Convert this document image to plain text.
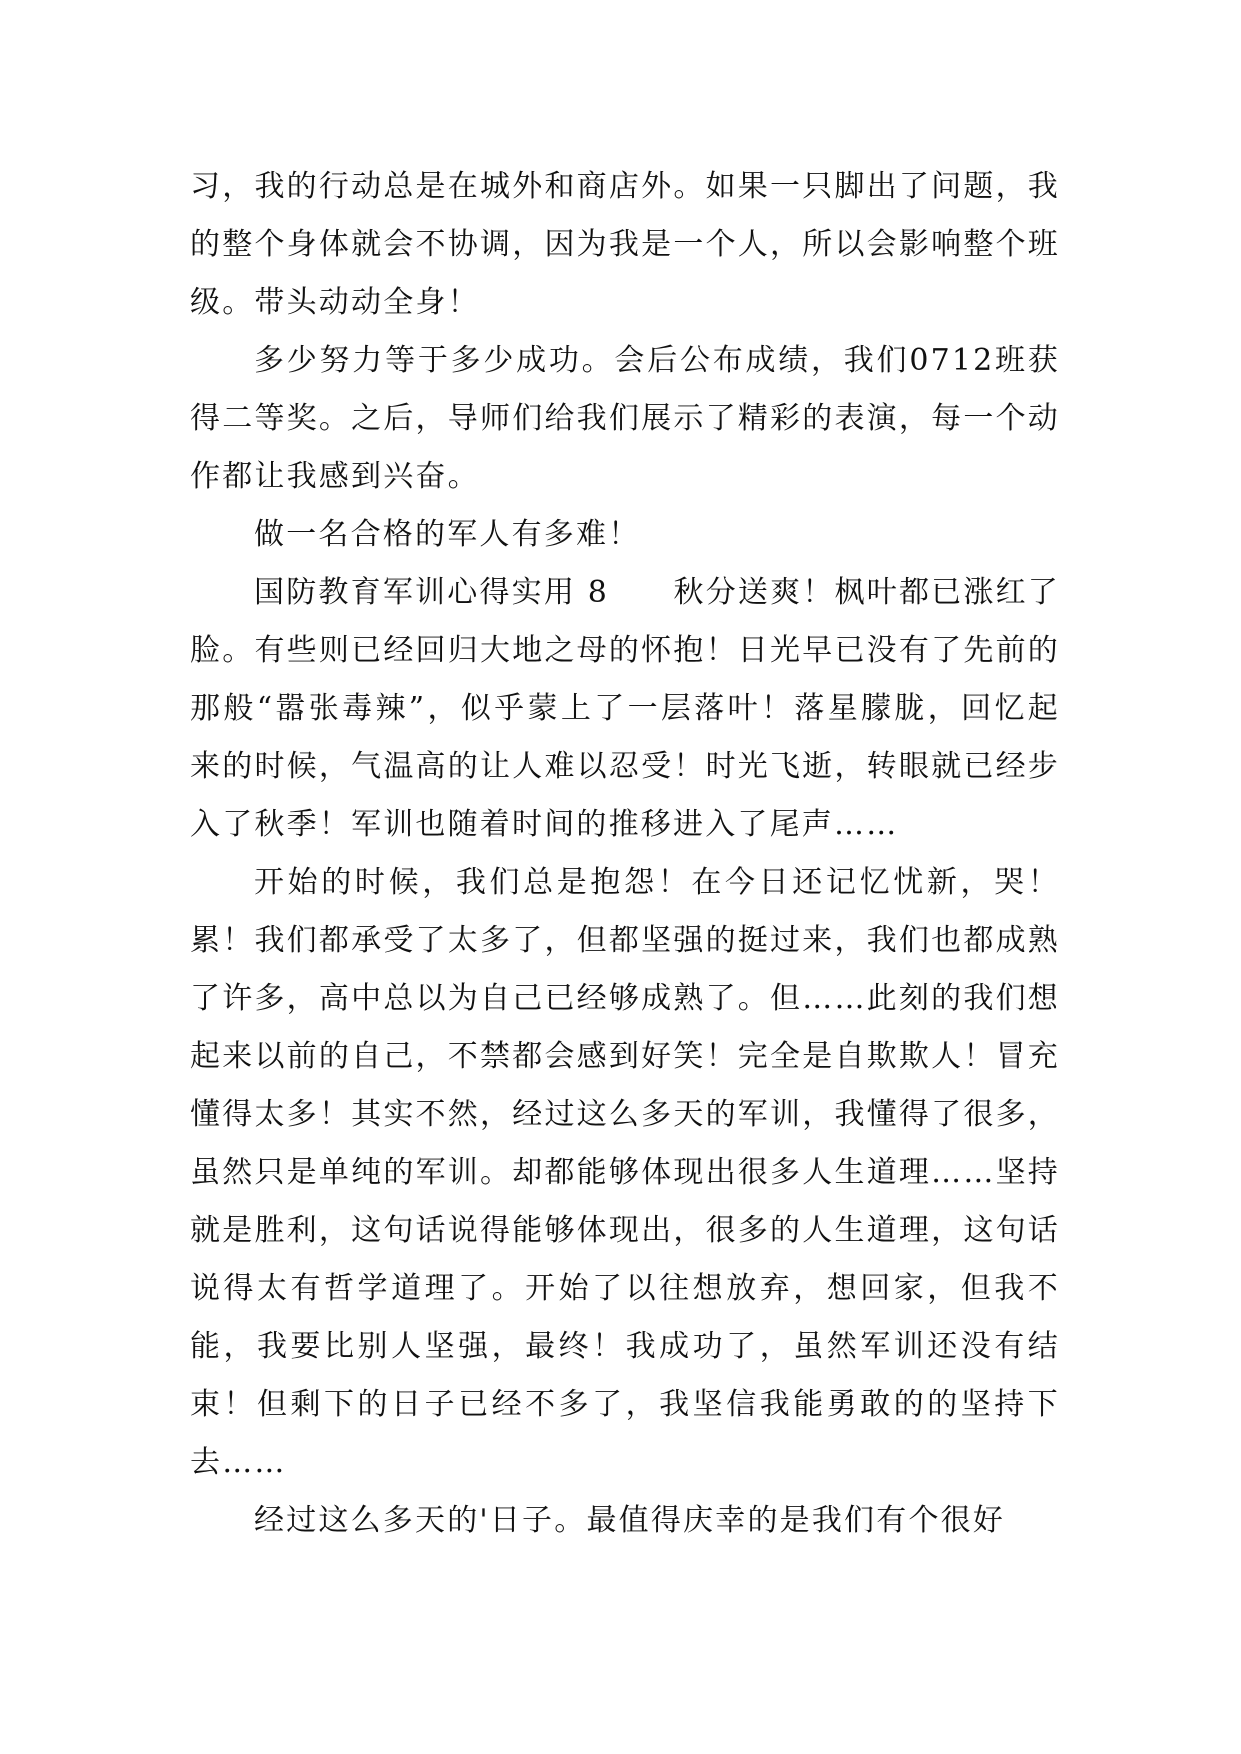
习，我的行动总是在城外和商店外。如果一只脚出了问题，我的整个身体就会不协调，因为我是一个人，所以会影响整个班级。带头动动全身！

多少努力等于多少成功。会后公布成绩，我们0712班获得二等奖。之后，导师们给我们展示了精彩的表演，每一个动作都让我感到兴奋。

做一名合格的军人有多难！

国防教育军训心得实用 8　　秋分送爽！枫叶都已涨红了脸。有些则已经回归大地之母的怀抱！日光早已没有了先前的那般“嚣张毒辣”，似乎蒙上了一层落叶！落星朦胧，回忆起来的时候，气温高的让人难以忍受！时光飞逝，转眼就已经步入了秋季！军训也随着时间的推移进入了尾声……

开始的时候，我们总是抱怨！在今日还记忆忧新，哭！累！我们都承受了太多了，但都坚强的挺过来，我们也都成熟了许多，高中总以为自己已经够成熟了。但……此刻的我们想起来以前的自己，不禁都会感到好笑！完全是自欺欺人！冒充懂得太多！其实不然，经过这么多天的军训，我懂得了很多，虽然只是单纯的军训。却都能够体现出很多人生道理……坚持就是胜利，这句话说得能够体现出，很多的人生道理，这句话说得太有哲学道理了。开始了以往想放弃，想回家，但我不能，我要比别人坚强，最终！我成功了，虽然军训还没有结束！但剩下的日子已经不多了，我坚信我能勇敢的的坚持下去……

经过这么多天的'日子。最值得庆幸的是我们有个很好
